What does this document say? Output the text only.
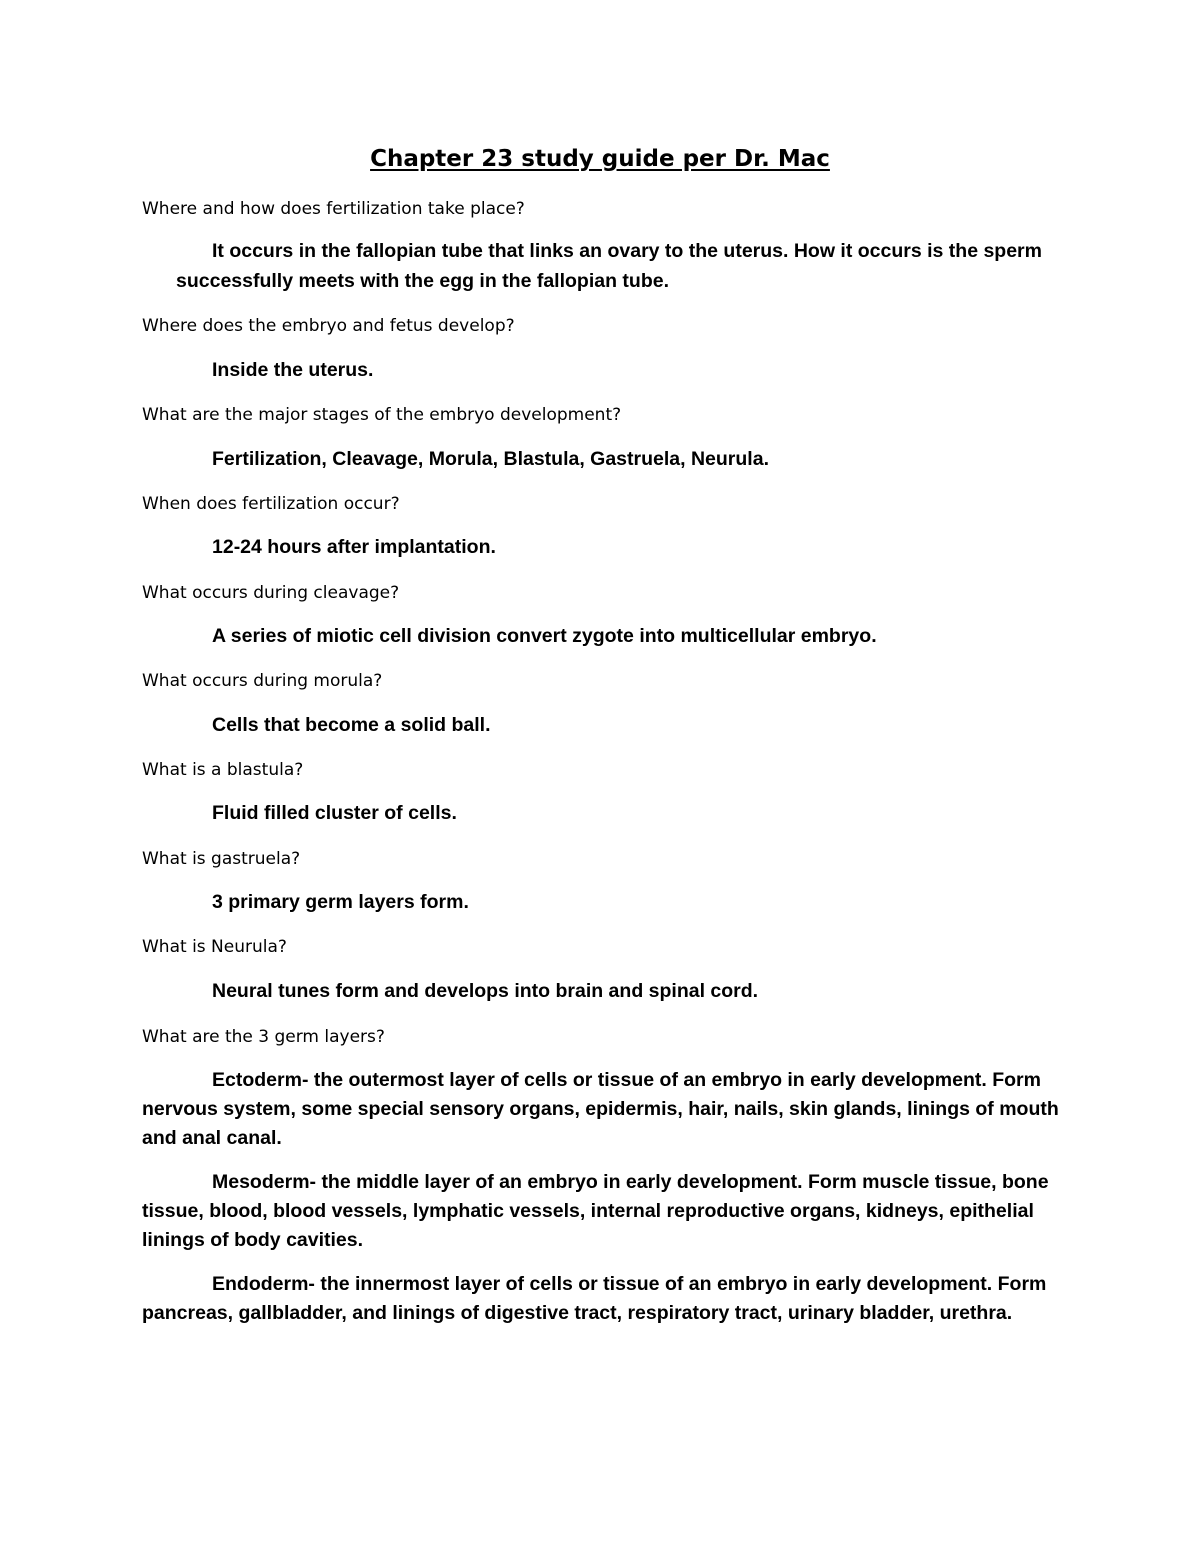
Chapter 23 study guide per Dr. Mac

Where and how does fertilization take place?

It occurs in the fallopian tube that links an ovary to the uterus. How it occurs is the sperm successfully meets with the egg in the fallopian tube.

Where does the embryo and fetus develop?

Inside the uterus.

What are the major stages of the embryo development?

Fertilization, Cleavage, Morula, Blastula, Gastruela, Neurula.

When does fertilization occur?

12-24 hours after implantation.

What occurs during cleavage?

A series of miotic cell division convert zygote into multicellular embryo.

What occurs during morula?

Cells that become a solid ball.

What is a blastula?

Fluid filled cluster of cells.

What is gastruela?

3 primary germ layers form.

What is Neurula?

Neural tunes form and develops into brain and spinal cord.

What are the 3 germ layers?

Ectoderm- the outermost layer of cells or tissue of an embryo in early development. Form nervous system, some special sensory organs, epidermis, hair, nails, skin glands, linings of mouth and anal canal.

Mesoderm- the middle layer of an embryo in early development. Form muscle tissue, bone tissue, blood, blood vessels, lymphatic vessels, internal reproductive organs, kidneys, epithelial linings of body cavities.

Endoderm- the innermost layer of cells or tissue of an embryo in early development. Form pancreas, gallbladder, and linings of digestive tract, respiratory tract, urinary bladder, urethra.
